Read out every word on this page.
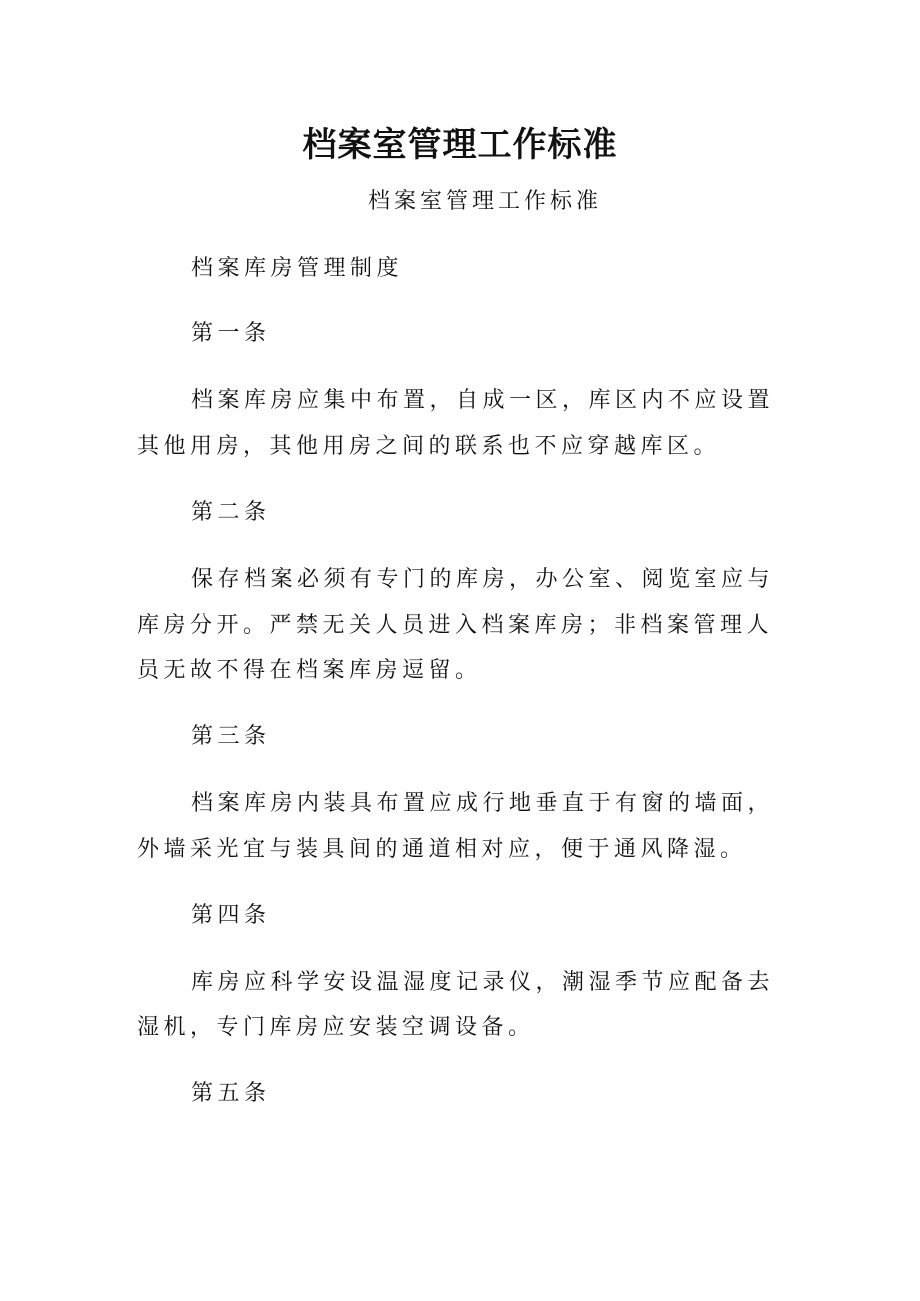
档案室管理工作标准
档案室管理工作标准
档案库房管理制度
第一条
档案库房应集中布置，自成一区，库区内不应设置
其他用房，其他用房之间的联系也不应穿越库区。
第二条
保存档案必须有专门的库房，办公室、阅览室应与
库房分开。严禁无关人员进入档案库房；非档案管理人
员无故不得在档案库房逗留。
第三条
档案库房内装具布置应成行地垂直于有窗的墙面，
外墙采光宜与装具间的通道相对应，便于通风降湿。
第四条
库房应科学安设温湿度记录仪，潮湿季节应配备去
湿机，专门库房应安装空调设备。
第五条
